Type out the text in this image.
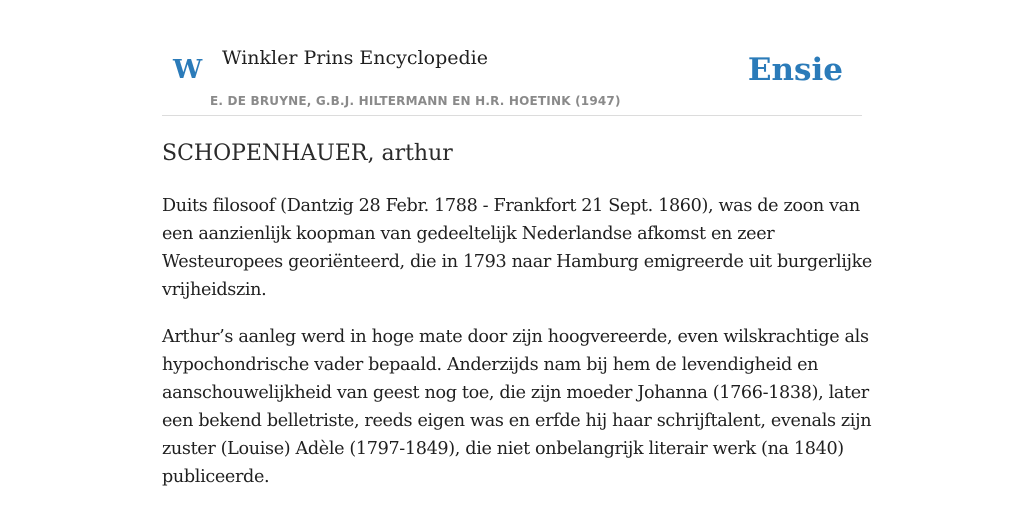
W Winkler Prins Encyclopedie	Ensie
E. DE BRUYNE, G.B.J. HILTERMANN EN H.R. HOETINK (1947)
SCHOPENHAUER, arthur

Duits filosoof (Dantzig 28 Febr. 1788 - Frankfort 21 Sept. 1860), was de zoon van
een aanzienlijk koopman van gedeeltelijk Nederlandse afkomst en zeer
Westeuropees georiënteerd, die in 1793 naar Hamburg emigreerde uit burgerlijke
vrijheidszin.

Arthur’s aanleg werd in hoge mate door zijn hoogvereerde, even wilskrachtige als
hypochondrische vader bepaald. Anderzijds nam bij hem de levendigheid en
aanschouwelijkheid van geest nog toe, die zijn moeder Johanna (1766-1838), later
een bekend belletriste, reeds eigen was en erfde hij haar schrijftalent, evenals zijn
zuster (Louise) Adèle (1797-1849), die niet onbelangrijk literair werk (na 1840)
publiceerde.
